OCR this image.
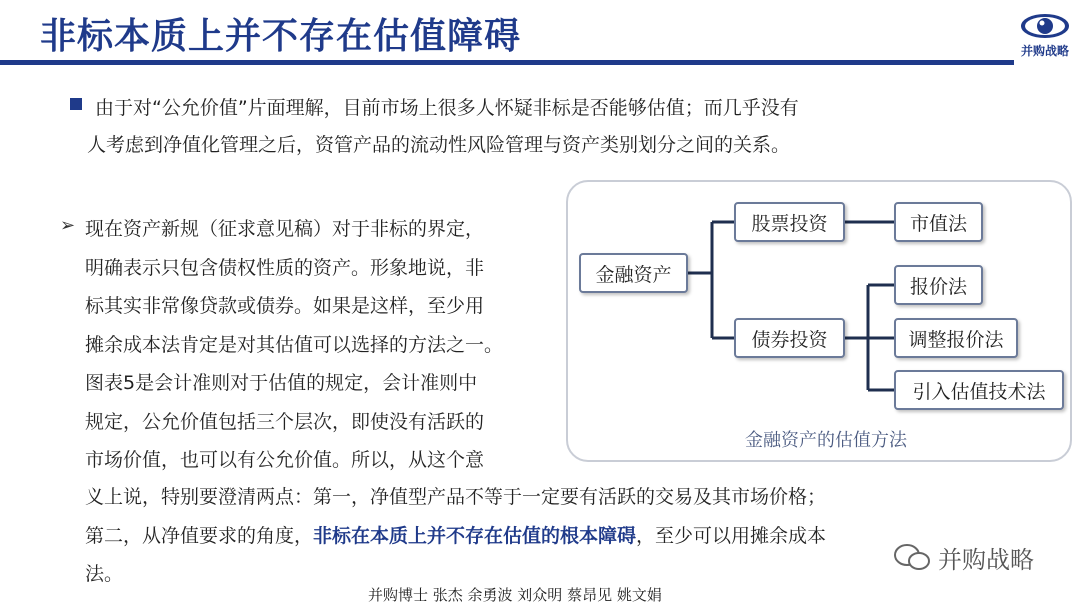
非标本质上并不存在估值障碍	并购战略
由于对“公允价值”片面理解，目前市场上很多人怀疑非标是否能够估值；而几乎没有

人考虑到净值化管理之后，资管产品的流动性风险管理与资产类别划分之间的关系。
➢ 现在资产新规（征求意见稿）对于非标的界定，
明确表示只包含债权性质的资产。形象地说，非
标其实非常像贷款或债券。如果是这样，至少用
摊余成本法肯定是对其估值可以选择的方法之一。
图表5是会计准则对于估值的规定，会计准则中
规定，公允价值包括三个层次，即使没有活跃的
市场价值，也可以有公允价值。所以，从这个意
义上说，特别要澄清两点：第一，净值型产品不等于一定要有活跃的交易及其市场价格；
第二，从净值要求的角度，非标在本质上并不存在估值的根本障碍，至少可以用摊余成本
法。
金融资产
股票投资
债券投资
市值法
报价法
调整报价法
引入估值技术法
金融资产的估值方法
并购战略
并购博士 张杰 余勇波 刘众明 蔡昂见 姚文娟
